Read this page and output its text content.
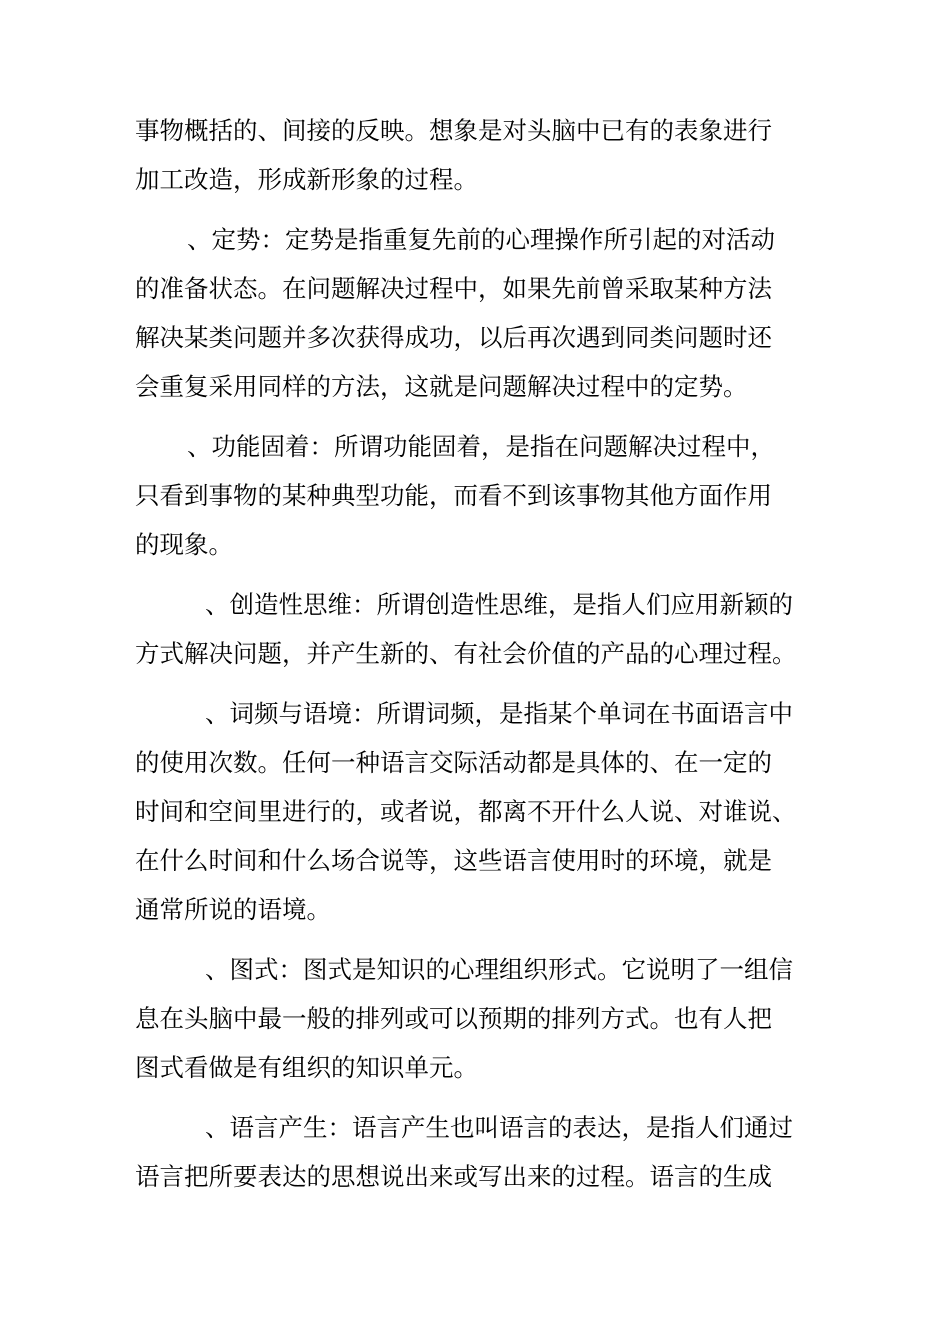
事物概括的、间接的反映。想象是对头脑中已有的表象进行
加工改造，形成新形象的过程。
、定势：定势是指重复先前的心理操作所引起的对活动
的准备状态。在问题解决过程中，如果先前曾采取某种方法
解决某类问题并多次获得成功，以后再次遇到同类问题时还
会重复采用同样的方法，这就是问题解决过程中的定势。
、功能固着：所谓功能固着，是指在问题解决过程中，
只看到事物的某种典型功能，而看不到该事物其他方面作用
的现象。
、创造性思维：所谓创造性思维，是指人们应用新颖的
方式解决问题，并产生新的、有社会价值的产品的心理过程。
、词频与语境：所谓词频，是指某个单词在书面语言中
的使用次数。任何一种语言交际活动都是具体的、在一定的
时间和空间里进行的，或者说，都离不开什么人说、对谁说、
在什么时间和什么场合说等，这些语言使用时的环境，就是
通常所说的语境。
、图式：图式是知识的心理组织形式。它说明了一组信
息在头脑中最一般的排列或可以预期的排列方式。也有人把
图式看做是有组织的知识单元。
、语言产生：语言产生也叫语言的表达，是指人们通过
语言把所要表达的思想说出来或写出来的过程。语言的生成
